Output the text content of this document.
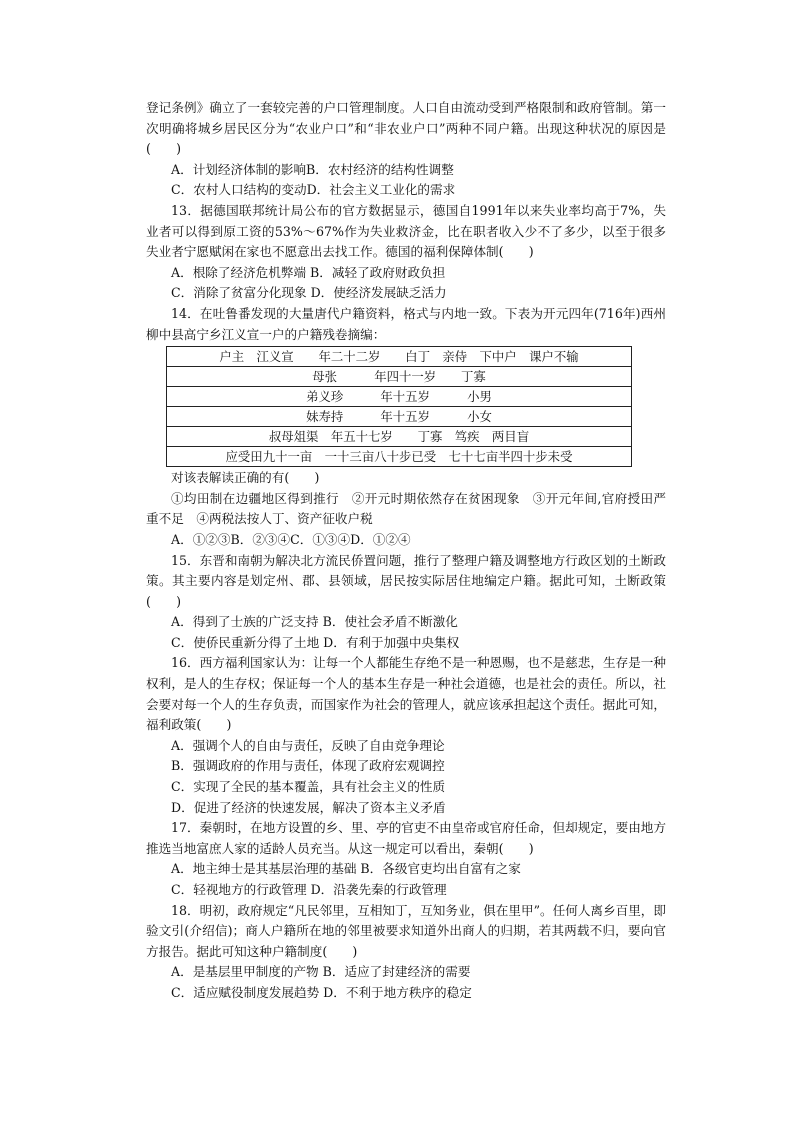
登记条例》确立了一套较完善的户口管理制度。人口自由流动受到严格限制和政府管制。第一次明确将城乡居民区分为“农业户口”和“非农业户口”两种不同户籍。出现这种状况的原因是(　　)

A．计划经济体制的影响B．农村经济的结构性调整

C．农村人口结构的变动D．社会主义工业化的需求

13．据德国联邦统计局公布的官方数据显示，德国自1991年以来失业率均高于7%，失业者可以得到原工资的53%～67%作为失业救济金，比在职者收入少不了多少，以至于很多失业者宁愿赋闲在家也不愿意出去找工作。德国的福利保障体制(　　)

A．根除了经济危机弊端 B．减轻了政府财政负担

C．消除了贫富分化现象 D．使经济发展缺乏活力

14．在吐鲁番发现的大量唐代户籍资料，格式与内地一致。下表为开元四年(716年)西州柳中县高宁乡江义宣一户的户籍残卷摘编：

户主　江义宣　　年二十二岁　　白丁　亲侍　下中户　课户不输
母张　　　年四十一岁　　丁寡
弟义珍　　　年十五岁　　　小男
妹寿持　　　年十五岁　　　小女
叔母俎渠　年五十七岁　　丁寡　笃疾　两目盲
应受田九十一亩　一十三亩八十步已受　七十七亩半四十步未受

对该表解读正确的有(　　)

①均田制在边疆地区得到推行　②开元时期依然存在贫困现象　③开元年间,官府授田严重不足　④两税法按人丁、资产征收户税

A．①②③B．②③④C．①③④D．①②④

15．东晋和南朝为解决北方流民侨置问题，推行了整理户籍及调整地方行政区划的土断政策。其主要内容是划定州、郡、县领域，居民按实际居住地编定户籍。据此可知，土断政策(　　)

A．得到了士族的广泛支持 B．使社会矛盾不断激化

C．使侨民重新分得了土地 D．有利于加强中央集权

16．西方福利国家认为：让每一个人都能生存绝不是一种恩赐，也不是慈悲，生存是一种权利，是人的生存权；保证每一个人的基本生存是一种社会道德，也是社会的责任。所以，社会要对每一个人的生存负责，而国家作为社会的管理人，就应该承担起这个责任。据此可知，福利政策(　　)

A．强调个人的自由与责任，反映了自由竞争理论

B．强调政府的作用与责任，体现了政府宏观调控

C．实现了全民的基本覆盖，具有社会主义的性质

D．促进了经济的快速发展，解决了资本主义矛盾

17．秦朝时，在地方设置的乡、里、亭的官吏不由皇帝或官府任命，但却规定，要由地方推选当地富庶人家的适龄人员充当。从这一规定可以看出，秦朝(　　)

A．地主绅士是其基层治理的基础 B．各级官吏均出自富有之家

C．轻视地方的行政管理 D．沿袭先秦的行政管理

18．明初，政府规定“凡民邻里，互相知丁，互知务业，俱在里甲”。任何人离乡百里，即验文引(介绍信)；商人户籍所在地的邻里被要求知道外出商人的归期，若其两载不归，要向官方报告。据此可知这种户籍制度(　　)

A．是基层里甲制度的产物 B．适应了封建经济的需要

C．适应赋役制度发展趋势 D．不利于地方秩序的稳定
